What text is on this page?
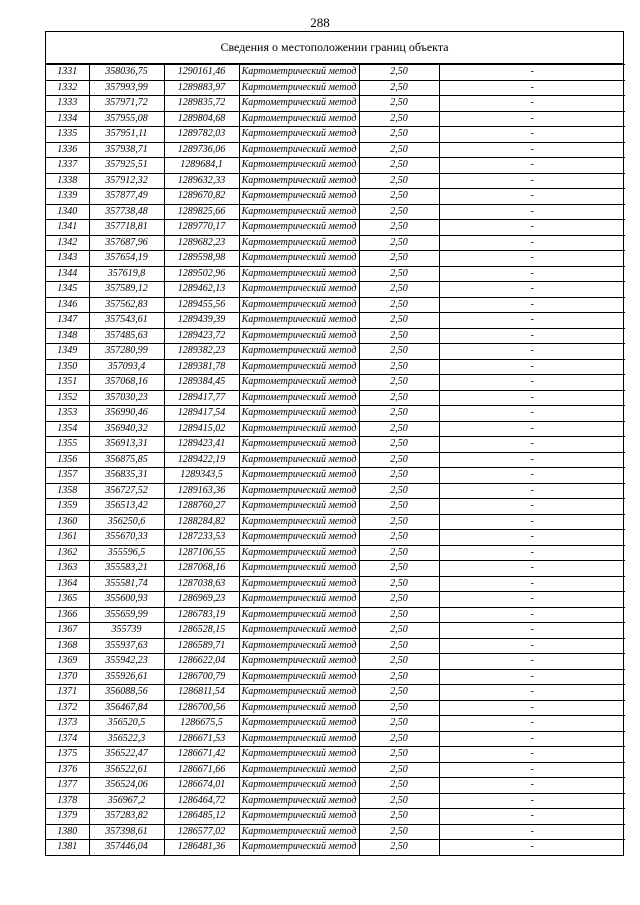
288
Сведения о местоположении границ объекта
1331	358036,75	1290161,46	Картометрический метод	2,50	-
1332	357993,99	1289883,97	Картометрический метод	2,50	-
1333	357971,72	1289835,72	Картометрический метод	2,50	-
1334	357955,08	1289804,68	Картометрический метод	2,50	-
1335	357951,11	1289782,03	Картометрический метод	2,50	-
1336	357938,71	1289736,06	Картометрический метод	2,50	-
1337	357925,51	1289684,1	Картометрический метод	2,50	-
1338	357912,32	1289632,33	Картометрический метод	2,50	-
1339	357877,49	1289670,82	Картометрический метод	2,50	-
1340	357738,48	1289825,66	Картометрический метод	2,50	-
1341	357718,81	1289770,17	Картометрический метод	2,50	-
1342	357687,96	1289682,23	Картометрический метод	2,50	-
1343	357654,19	1289598,98	Картометрический метод	2,50	-
1344	357619,8	1289502,96	Картометрический метод	2,50	-
1345	357589,12	1289462,13	Картометрический метод	2,50	-
1346	357562,83	1289455,56	Картометрический метод	2,50	-
1347	357543,61	1289439,39	Картометрический метод	2,50	-
1348	357485,63	1289423,72	Картометрический метод	2,50	-
1349	357280,99	1289382,23	Картометрический метод	2,50	-
1350	357093,4	1289381,78	Картометрический метод	2,50	-
1351	357068,16	1289384,45	Картометрический метод	2,50	-
1352	357030,23	1289417,77	Картометрический метод	2,50	-
1353	356990,46	1289417,54	Картометрический метод	2,50	-
1354	356940,32	1289415,02	Картометрический метод	2,50	-
1355	356913,31	1289423,41	Картометрический метод	2,50	-
1356	356875,85	1289422,19	Картометрический метод	2,50	-
1357	356835,31	1289343,5	Картометрический метод	2,50	-
1358	356727,52	1289163,36	Картометрический метод	2,50	-
1359	356513,42	1288760,27	Картометрический метод	2,50	-
1360	356250,6	1288284,82	Картометрический метод	2,50	-
1361	355670,33	1287233,53	Картометрический метод	2,50	-
1362	355596,5	1287106,55	Картометрический метод	2,50	-
1363	355583,21	1287068,16	Картометрический метод	2,50	-
1364	355581,74	1287038,63	Картометрический метод	2,50	-
1365	355600,93	1286969,23	Картометрический метод	2,50	-
1366	355659,99	1286783,19	Картометрический метод	2,50	-
1367	355739	1286528,15	Картометрический метод	2,50	-
1368	355937,63	1286589,71	Картометрический метод	2,50	-
1369	355942,23	1286622,04	Картометрический метод	2,50	-
1370	355926,61	1286700,79	Картометрический метод	2,50	-
1371	356088,56	1286811,54	Картометрический метод	2,50	-
1372	356467,84	1286700,56	Картометрический метод	2,50	-
1373	356520,5	1286675,5	Картометрический метод	2,50	-
1374	356522,3	1286671,53	Картометрический метод	2,50	-
1375	356522,47	1286671,42	Картометрический метод	2,50	-
1376	356522,61	1286671,66	Картометрический метод	2,50	-
1377	356524,06	1286674,01	Картометрический метод	2,50	-
1378	356967,2	1286464,72	Картометрический метод	2,50	-
1379	357283,82	1286485,12	Картометрический метод	2,50	-
1380	357398,61	1286577,02	Картометрический метод	2,50	-
1381	357446,04	1286481,36	Картометрический метод	2,50	-
